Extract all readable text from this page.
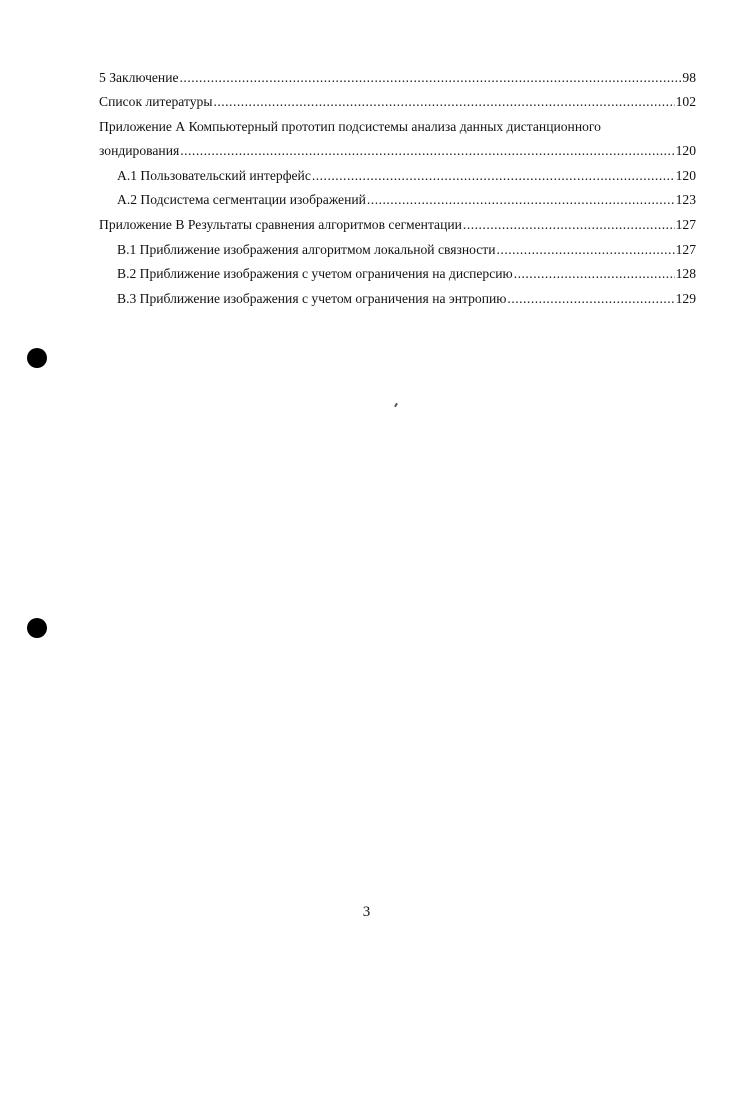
5 Заключение .....	98
Список литературы .....	102
Приложение А Компьютерный прототип подсистемы анализа данных дистанционного
зондирования .....	120
А.1 Пользовательский интерфейс .....	120
А.2 Подсистема сегментации изображений .....	123
Приложение В Результаты сравнения алгоритмов сегментации .....	127
В.1 Приближение изображения алгоритмом локальной связности .....	127
В.2 Приближение изображения с учетом ограничения на дисперсию .....	128
В.3 Приближение изображения с учетом ограничения на энтропию .....	129
3
